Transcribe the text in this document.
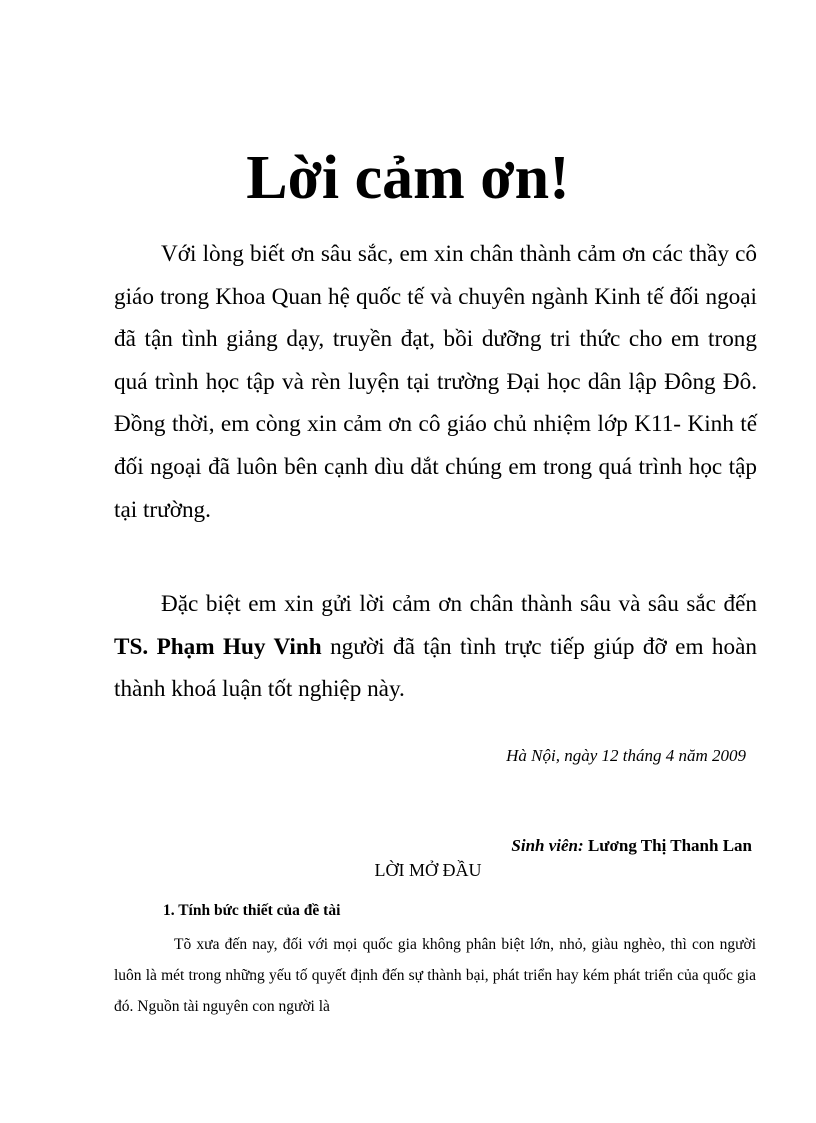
Lời cảm ơn!

Với lòng biết ơn sâu sắc, em xin chân thành cảm ơn các thầy cô giáo trong Khoa Quan hệ quốc tế và chuyên ngành Kinh tế đối ngoại đã tận tình giảng dạy, truyền đạt, bồi dưỡng tri thức cho em trong quá trình học tập và rèn luyện tại trường Đại học dân lập Đông Đô. Đồng thời, em còng xin cảm ơn cô giáo chủ nhiệm lớp K11- Kinh tế đối ngoại đã luôn bên cạnh dìu dắt chúng em trong quá trình học tập tại trường.

Đặc biệt em xin gửi lời cảm ơn chân thành sâu và sâu sắc đến TS. Phạm Huy Vinh người đã tận tình trực tiếp giúp đỡ em hoàn thành khoá luận tốt nghiệp này.

Hà Nội, ngày 12 tháng 4 năm 2009

Sinh viên: Lương Thị Thanh Lan

LỜI MỞ ĐẦU
1. Tính bức thiết của đề tài

Tõ xưa đến nay, đối với mọi quốc gia không phân biệt lớn, nhỏ, giàu nghèo, thì con người luôn là mét trong những yếu tố quyết định đến sự thành bại, phát triển hay kém phát triển của quốc gia đó. Nguồn tài nguyên con người là
